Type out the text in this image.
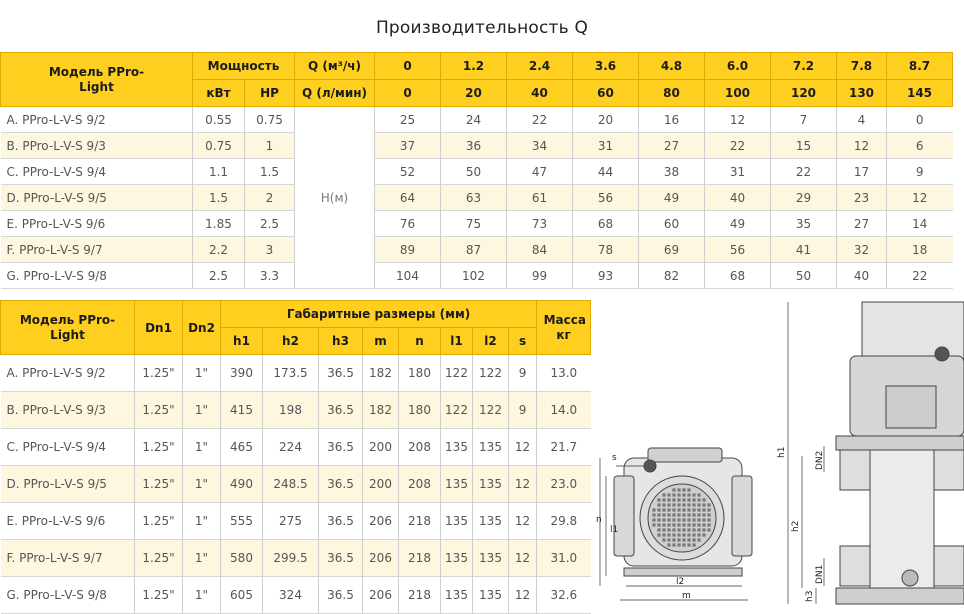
Производительность Q
Модель PPro-Light	Мощность		Q (м³/ч)	0	1.2	2.4	3.6	4.8	6.0	7.2	7.8	8.7
	кВт	HP	Q (л/мин)	0	20	40	60	80	100	120	130	145
A. PPro-L-V-S 9/2	0.55	0.75	H(м)	25	24	22	20	16	12	7	4	0
B. PPro-L-V-S 9/3	0.75	1		37	36	34	31	27	22	15	12	6
C. PPro-L-V-S 9/4	1.1	1.5		52	50	47	44	38	31	22	17	9
D. PPro-L-V-S 9/5	1.5	2		64	63	61	56	49	40	29	23	12
E. PPro-L-V-S 9/6	1.85	2.5		76	75	73	68	60	49	35	27	14
F. PPro-L-V-S 9/7	2.2	3		89	87	84	78	69	56	41	32	18
G. PPro-L-V-S 9/8	2.5	3.3		104	102	99	93	82	68	50	40	22
Модель PPro-Light	Dn1	Dn2	Габаритные размеры (мм)								Масса кг
			h1	h2	h3	m	n	l1	l2	s	
A. PPro-L-V-S 9/2	1.25"	1"	390	173.5	36.5	182	180	122	122	9	13.0
B. PPro-L-V-S 9/3	1.25"	1"	415	198	36.5	182	180	122	122	9	14.0
C. PPro-L-V-S 9/4	1.25"	1"	465	224	36.5	200	208	135	135	12	21.7
D. PPro-L-V-S 9/5	1.25"	1"	490	248.5	36.5	200	208	135	135	12	23.0
E. PPro-L-V-S 9/6	1.25"	1"	555	275	36.5	206	218	135	135	12	29.8
F. PPro-L-V-S 9/7	1.25"	1"	580	299.5	36.5	206	218	135	135	12	31.0
G. PPro-L-V-S 9/8	1.25"	1"	605	324	36.5	206	218	135	135	12	32.6
s
n
l1
l2
m
h1
h2
h3
DN2
DN1
